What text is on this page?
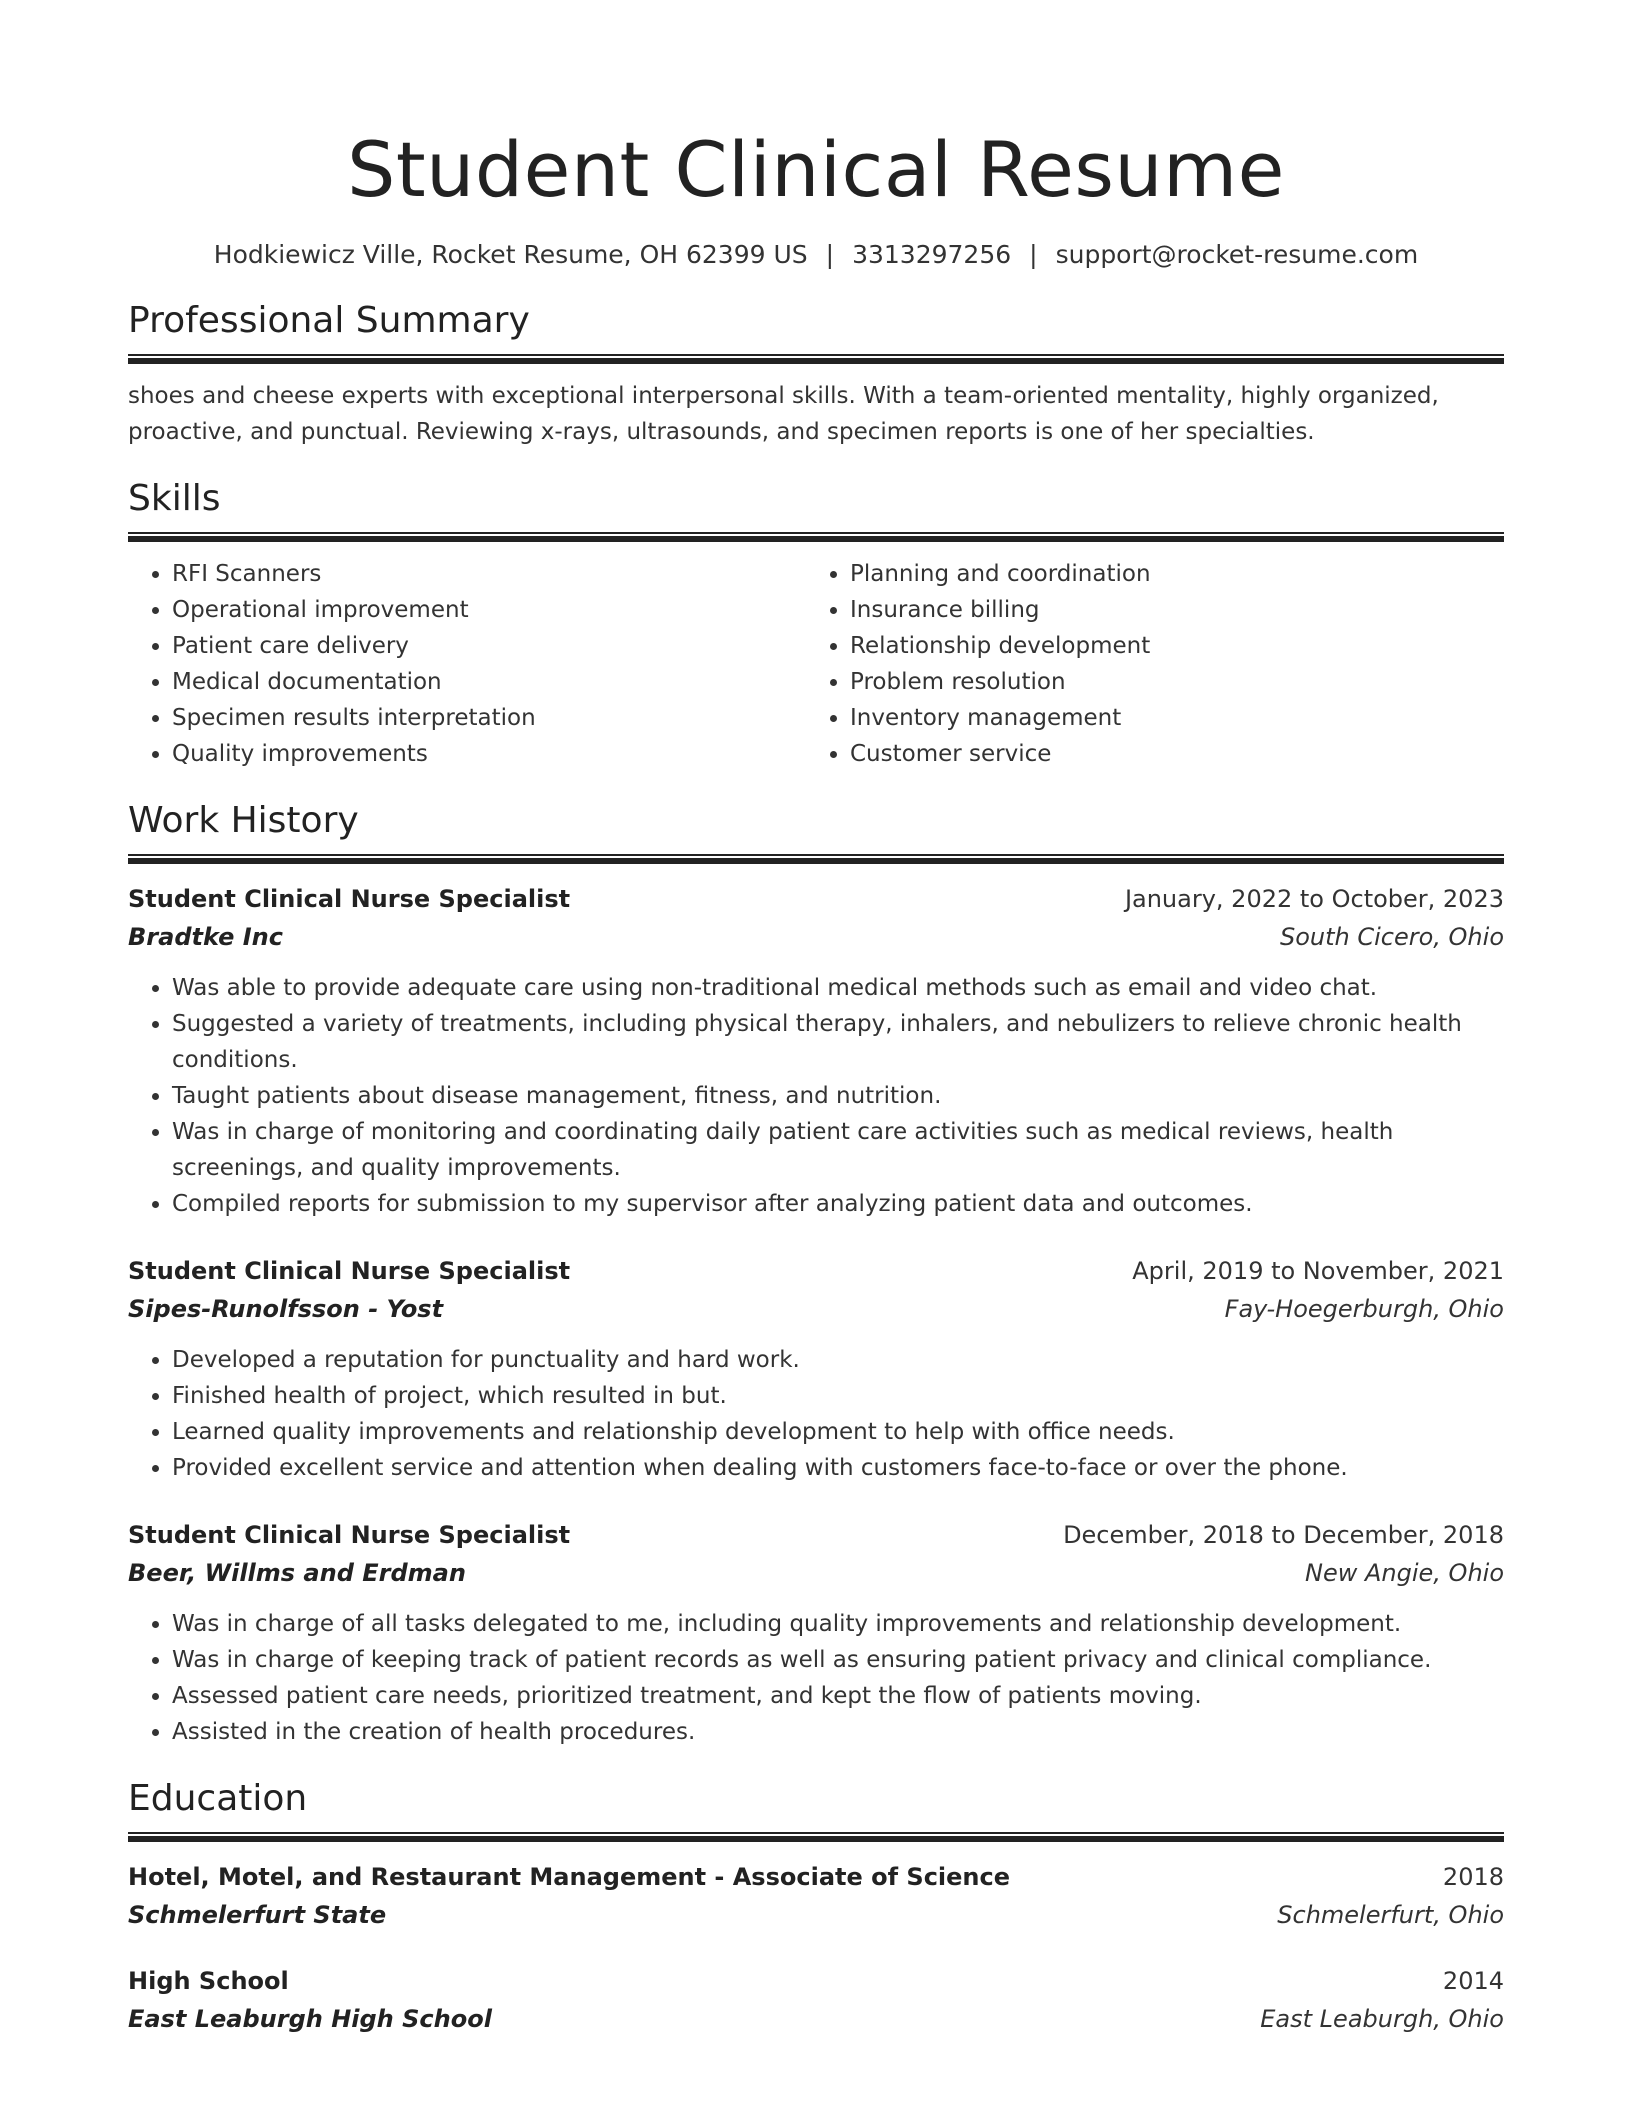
Student Clinical Resume
Hodkiewicz Ville, Rocket Resume, OH 62399 US | 3313297256 | support@rocket-resume.com
Professional Summary
shoes and cheese experts with exceptional interpersonal skills. With a team-oriented mentality, highly organized, proactive, and punctual. Reviewing x-rays, ultrasounds, and specimen reports is one of her specialties.
Skills
• RFI Scanners
• Operational improvement
• Patient care delivery
• Medical documentation
• Specimen results interpretation
• Quality improvements
• Planning and coordination
• Insurance billing
• Relationship development
• Problem resolution
• Inventory management
• Customer service
Work History
Student Clinical Nurse Specialist	January, 2022 to October, 2023
Bradtke Inc	South Cicero, Ohio
• Was able to provide adequate care using non-traditional medical methods such as email and video chat.
• Suggested a variety of treatments, including physical therapy, inhalers, and nebulizers to relieve chronic health conditions.
• Taught patients about disease management, fitness, and nutrition.
• Was in charge of monitoring and coordinating daily patient care activities such as medical reviews, health screenings, and quality improvements.
• Compiled reports for submission to my supervisor after analyzing patient data and outcomes.
Student Clinical Nurse Specialist	April, 2019 to November, 2021
Sipes-Runolfsson - Yost	Fay-Hoegerburgh, Ohio
• Developed a reputation for punctuality and hard work.
• Finished health of project, which resulted in but.
• Learned quality improvements and relationship development to help with office needs.
• Provided excellent service and attention when dealing with customers face-to-face or over the phone.
Student Clinical Nurse Specialist	December, 2018 to December, 2018
Beer, Willms and Erdman	New Angie, Ohio
• Was in charge of all tasks delegated to me, including quality improvements and relationship development.
• Was in charge of keeping track of patient records as well as ensuring patient privacy and clinical compliance.
• Assessed patient care needs, prioritized treatment, and kept the flow of patients moving.
• Assisted in the creation of health procedures.
Education
Hotel, Motel, and Restaurant Management - Associate of Science	2018
Schmelerfurt State	Schmelerfurt, Ohio
High School	2014
East Leaburgh High School	East Leaburgh, Ohio
